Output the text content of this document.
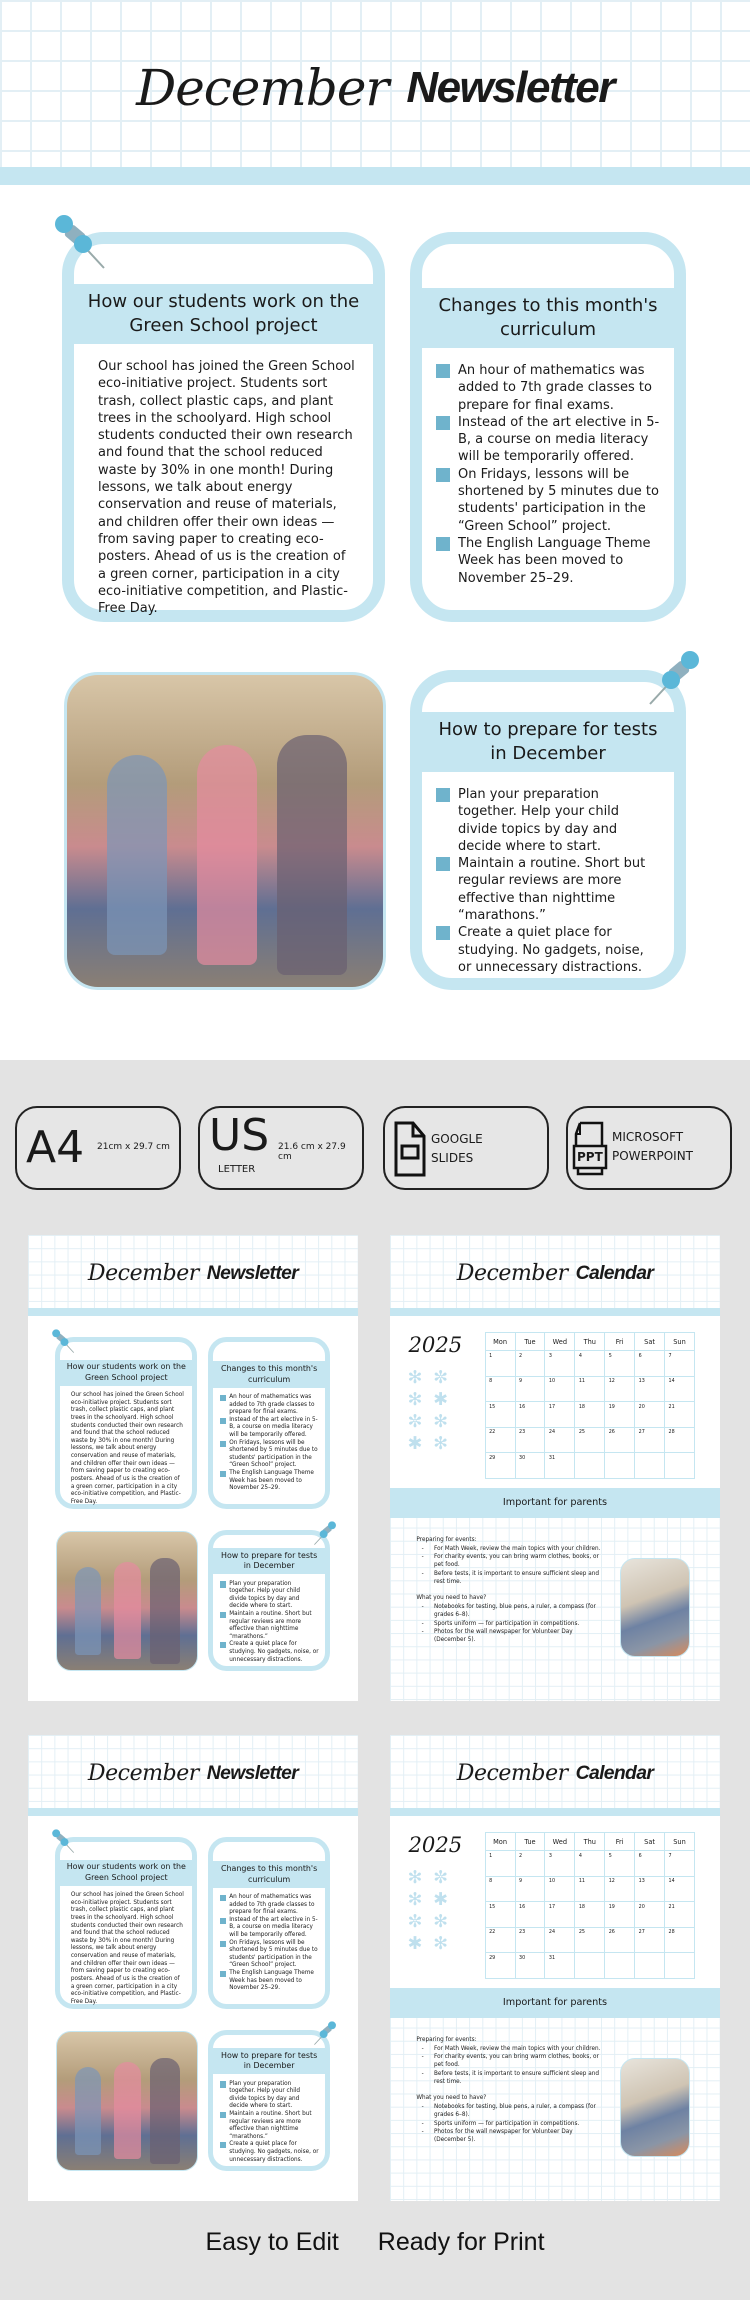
December Newsletter
How our students work on the Green School project

Our school has joined the Green School eco-initiative project. Students sort trash, collect plastic caps, and plant trees in the schoolyard. High school students conducted their own research and found that the school reduced waste by 30% in one month! During lessons, we talk about energy conservation and reuse of materials, and children offer their own ideas — from saving paper to creating eco-posters. Ahead of us is the creation of a green corner, participation in a city eco-initiative competition, and Plastic-Free Day.

Changes to this month's curriculum
An hour of mathematics was added to 7th grade classes to prepare for final exams.
Instead of the art elective in 5-B, a course on media literacy will be temporarily offered.
On Fridays, lessons will be shortened by 5 minutes due to students' participation in the “Green School” project.
The English Language Theme Week has been moved to November 25–29.
How to prepare for tests in December
Plan your preparation together. Help your child divide topics by day and decide where to start.
Maintain a routine. Short but regular reviews are more effective than nighttime “marathons.”
Create a quiet place for studying. No gadgets, noise, or unnecessary distractions.
A4 21cm x 29.7 cm US
LETTER
21.6 cm x 27.9 cm
GOOGLE
SLIDES	PPT
MICROSOFT
POWERPOINT
December Newsletter
How our students work on the Green School project

Our school has joined the Green School eco-initiative project. Students sort trash, collect plastic caps, and plant trees in the schoolyard. High school students conducted their own research and found that the school reduced waste by 30% in one month! During lessons, we talk about energy conservation and reuse of materials, and children offer their own ideas — from saving paper to creating eco-posters. Ahead of us is the creation of a green corner, participation in a city eco-initiative competition, and Plastic-Free Day.

Changes to this month's curriculum
An hour of mathematics was added to 7th grade classes to prepare for final exams.
Instead of the art elective in 5-B, a course on media literacy will be temporarily offered.
On Fridays, lessons will be shortened by 5 minutes due to students' participation in the “Green School” project.
The English Language Theme Week has been moved to November 25–29.
How to prepare for tests in December
Plan your preparation together. Help your child divide topics by day and decide where to start.
Maintain a routine. Short but regular reviews are more effective than nighttime “marathons.”
Create a quiet place for studying. No gadgets, noise, or unnecessary distractions.
December Calendar
2025
✻ ✼
✻ ✱
✼ ✻
✱ ✻
Mon	Tue	Wed	Thu	Fri	Sat	Sun
1	2	3	4	5	6	7
8	9	10	11	12	13	14
15	16	17	18	19	20	21
22	23	24	25	26	27	28
29	30	31				
Important for parents
Preparing for events:
- For Math Week, review the main topics with your children.
- For charity events, you can bring warm clothes, books, or pet food.
- Before tests, it is important to ensure sufficient sleep and rest time.
What you need to have?
- Notebooks for testing, blue pens, a ruler, a compass (for grades 6–8).
- Sports uniform — for participation in competitions.
- Photos for the wall newspaper for Volunteer Day (December 5).
December Newsletter
How our students work on the Green School project

Our school has joined the Green School eco-initiative project. Students sort trash, collect plastic caps, and plant trees in the schoolyard. High school students conducted their own research and found that the school reduced waste by 30% in one month! During lessons, we talk about energy conservation and reuse of materials, and children offer their own ideas — from saving paper to creating eco-posters. Ahead of us is the creation of a green corner, participation in a city eco-initiative competition, and Plastic-Free Day.

Changes to this month's curriculum
An hour of mathematics was added to 7th grade classes to prepare for final exams.
Instead of the art elective in 5-B, a course on media literacy will be temporarily offered.
On Fridays, lessons will be shortened by 5 minutes due to students' participation in the “Green School” project.
The English Language Theme Week has been moved to November 25–29.
How to prepare for tests in December
Plan your preparation together. Help your child divide topics by day and decide where to start.
Maintain a routine. Short but regular reviews are more effective than nighttime “marathons.”
Create a quiet place for studying. No gadgets, noise, or unnecessary distractions.
December Calendar
2025
✻ ✼
✻ ✱
✼ ✻
✱ ✻
Mon	Tue	Wed	Thu	Fri	Sat	Sun
1	2	3	4	5	6	7
8	9	10	11	12	13	14
15	16	17	18	19	20	21
22	23	24	25	26	27	28
29	30	31				
Important for parents
Preparing for events:
- For Math Week, review the main topics with your children.
- For charity events, you can bring warm clothes, books, or pet food.
- Before tests, it is important to ensure sufficient sleep and rest time.
What you need to have?
- Notebooks for testing, blue pens, a ruler, a compass (for grades 6–8).
- Sports uniform — for participation in competitions.
- Photos for the wall newspaper for Volunteer Day (December 5).
Easy to Edit Ready for Print
